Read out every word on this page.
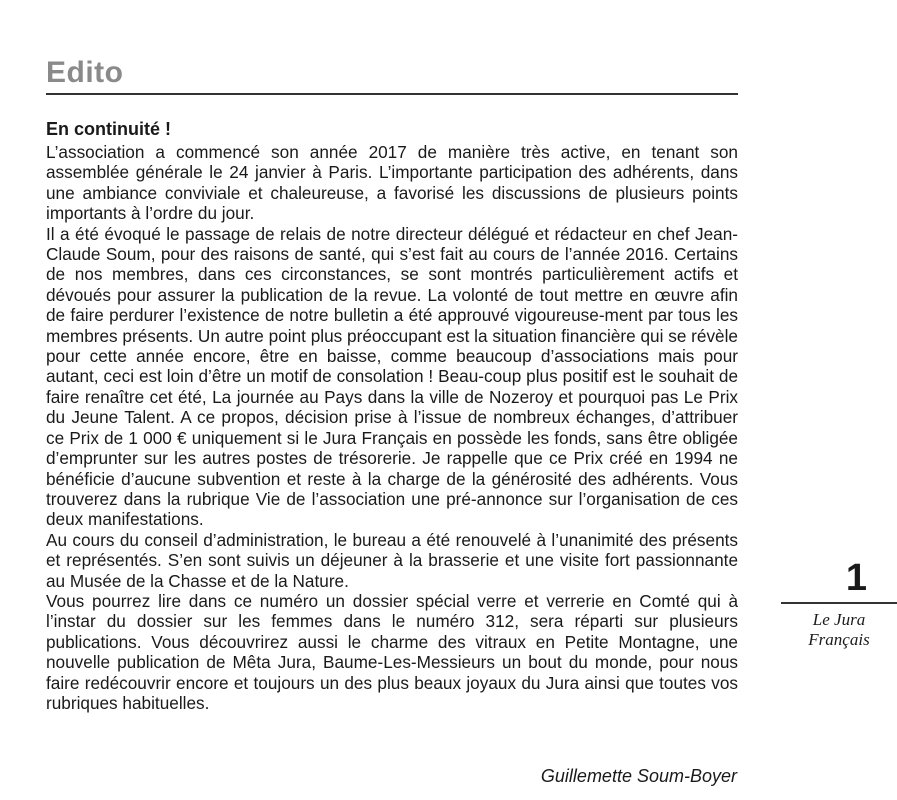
Edito
En continuité !

L’association a commencé son année 2017 de manière très active, en tenant son assemblée générale le 24 janvier à Paris. L’importante participation des adhérents, dans une ambiance conviviale et chaleureuse, a favorisé les discussions de plusieurs points importants à l’ordre du jour.

Il a été évoqué le passage de relais de notre directeur délégué et rédacteur en chef Jean-Claude Soum, pour des raisons de santé, qui s’est fait au cours de l’année 2016. Certains de nos membres, dans ces circonstances, se sont montrés particulièrement actifs et dévoués pour assurer la publication de la revue. La volonté de tout mettre en œuvre afin de faire perdurer l’existence de notre bulletin a été approuvé vigoureuse-ment par tous les membres présents. Un autre point plus préoccupant est la situation financière qui se révèle pour cette année encore, être en baisse, comme beaucoup d’associations mais pour autant, ceci est loin d’être un motif de consolation ! Beau-coup plus positif est le souhait de faire renaître cet été, La journée au Pays dans la ville de Nozeroy et pourquoi pas Le Prix du Jeune Talent. A ce propos, décision prise à l’issue de nombreux échanges, d’attribuer ce Prix de 1 000 € uniquement si le Jura Français en possède les fonds, sans être obligée d’emprunter sur les autres postes de trésorerie. Je rappelle que ce Prix créé en 1994 ne bénéficie d’aucune subvention et reste à la charge de la générosité des adhérents. Vous trouverez dans la rubrique Vie de l’association une pré-annonce sur l’organisation de ces deux manifestations.

Au cours du conseil d’administration, le bureau a été renouvelé à l’unanimité des présents et représentés. S’en sont suivis un déjeuner à la brasserie et une visite fort passionnante au Musée de la Chasse et de la Nature.

Vous pourrez lire dans ce numéro un dossier spécial verre et verrerie en Comté qui à l’instar du dossier sur les femmes dans le numéro 312, sera réparti sur plusieurs publications. Vous découvrirez aussi le charme des vitraux en Petite Montagne, une nouvelle publication de Mêta Jura, Baume-Les-Messieurs un bout du monde, pour nous faire redécouvrir encore et toujours un des plus beaux joyaux du Jura ainsi que toutes vos rubriques habituelles.

Guillemette Soum-Boyer
1
Le Jura
Français
